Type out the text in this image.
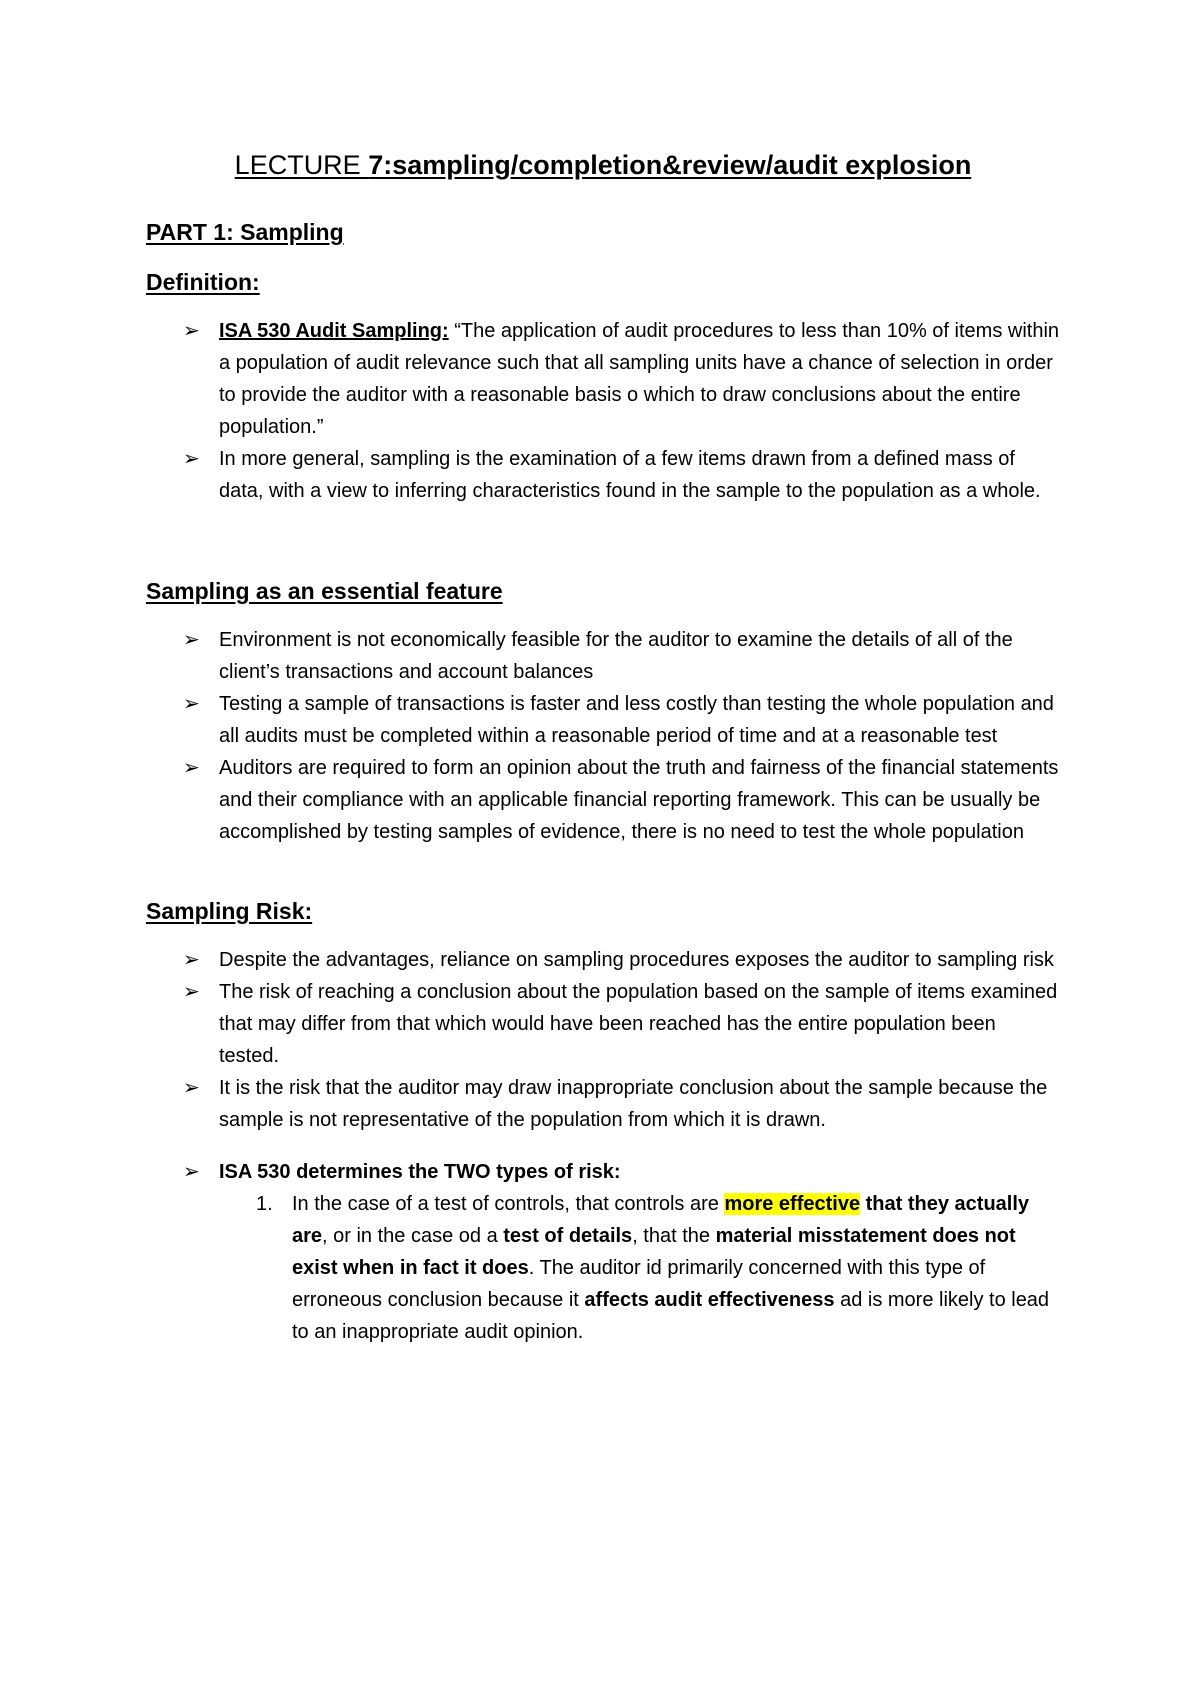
LECTURE 7:sampling/completion&review/audit explosion
PART 1: Sampling
Definition:
➢ ISA 530 Audit Sampling: “The application of audit procedures to less than 10% of items within a population of audit relevance such that all sampling units have a chance of selection in order to provide the auditor with a reasonable basis o which to draw conclusions about the entire population.”
➢ In more general, sampling is the examination of a few items drawn from a defined mass of data, with a view to inferring characteristics found in the sample to the population as a whole.
Sampling as an essential feature
➢ Environment is not economically feasible for the auditor to examine the details of all of the client’s transactions and account balances
➢ Testing a sample of transactions is faster and less costly than testing the whole population and all audits must be completed within a reasonable period of time and at a reasonable test
➢ Auditors are required to form an opinion about the truth and fairness of the financial statements and their compliance with an applicable financial reporting framework. This can be usually be accomplished by testing samples of evidence, there is no need to test the whole population
Sampling Risk:
➢ Despite the advantages, reliance on sampling procedures exposes the auditor to sampling risk
➢ The risk of reaching a conclusion about the population based on the sample of items examined that may differ from that which would have been reached has the entire population been tested.
➢ It is the risk that the auditor may draw inappropriate conclusion about the sample because the sample is not representative of the population from which it is drawn.
➢ ISA 530 determines the TWO types of risk:
1. In the case of a test of controls, that controls are more effective that they actually are, or in the case od a test of details, that the material misstatement does not exist when in fact it does. The auditor id primarily concerned with this type of erroneous conclusion because it affects audit effectiveness ad is more likely to lead to an inappropriate audit opinion.
